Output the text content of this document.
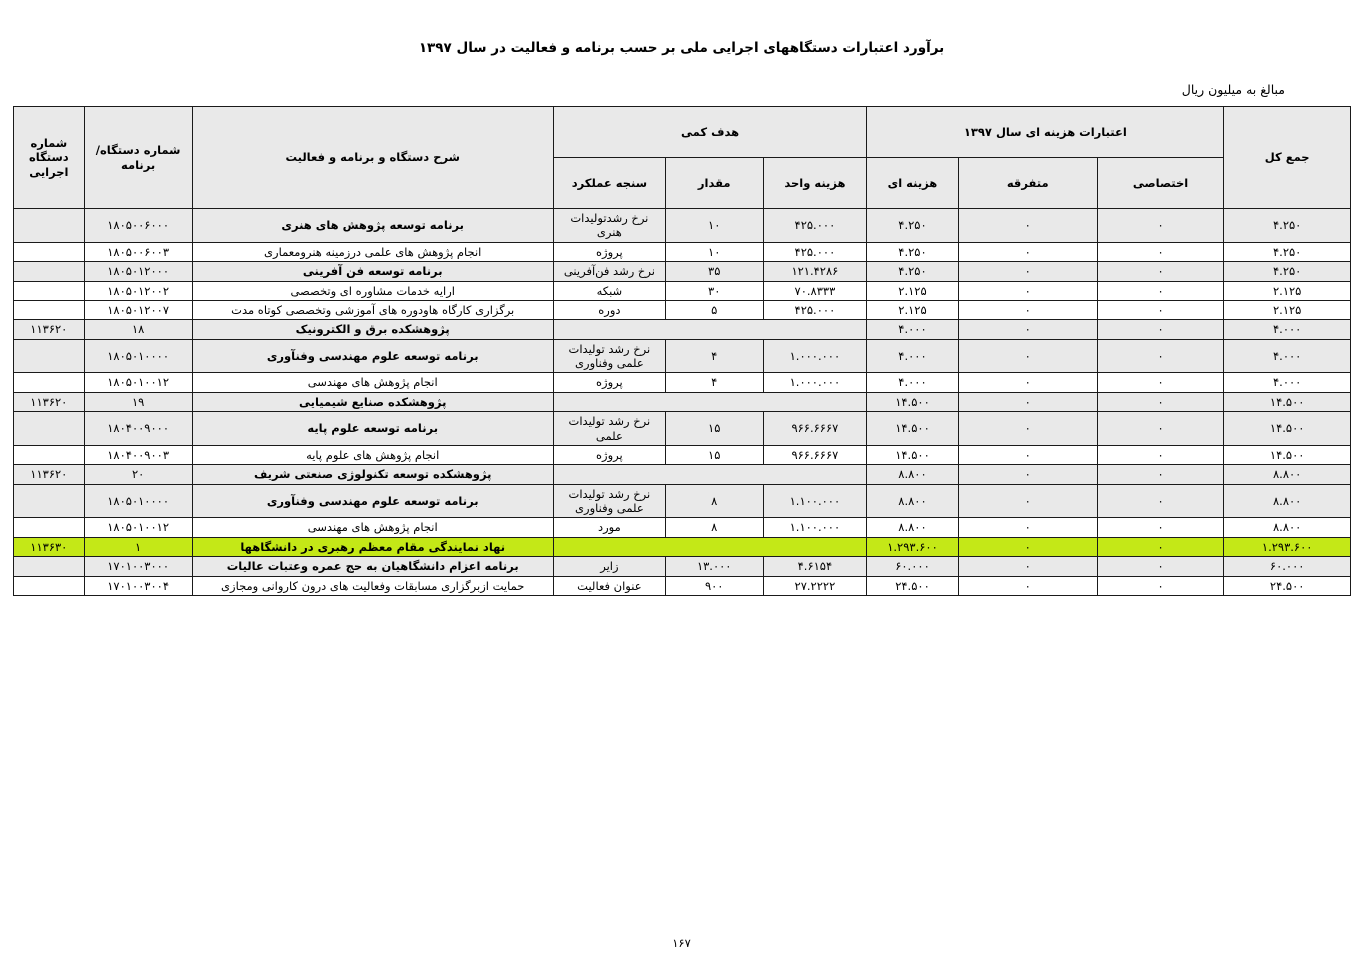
برآورد اعتبارات دستگاههای اجرایی ملی بر حسب برنامه و فعالیت در سال ۱۳۹۷
مبالغ به میلیون ریال
جمع کل	اعتبارات هزینه ای سال ۱۳۹۷			هدف کمی			شرح دستگاه و برنامه و فعالیت	شماره دستگاه/ برنامه	شماره دستگاه اجرایی
	اختصاصی	متفرقه	هزینه ای	هزینه واحد	مقدار	سنجه عملکرد			
۴.۲۵۰	۰	۰	۴.۲۵۰	۴۲۵.۰۰۰	۱۰	نرخ رشدتولیدات هنری	برنامه توسعه پژوهش های هنری	۱۸۰۵۰۰۶۰۰۰	
۴.۲۵۰	۰	۰	۴.۲۵۰	۴۲۵.۰۰۰	۱۰	پروژه	انجام پژوهش های علمی درزمینه هنرومعماری	۱۸۰۵۰۰۶۰۰۳	
۴.۲۵۰	۰	۰	۴.۲۵۰	۱۲۱.۴۲۸۶	۳۵	نرخ رشد فن‌آفرینی	برنامه توسعه فن آفرینی	۱۸۰۵۰۱۲۰۰۰	
۲.۱۲۵	۰	۰	۲.۱۲۵	۷۰.۸۳۳۳	۳۰	شبکه	ارایه خدمات مشاوره ای وتخصصی	۱۸۰۵۰۱۲۰۰۲	
۲.۱۲۵	۰	۰	۲.۱۲۵	۴۲۵.۰۰۰	۵	دوره	برگزاری کارگاه هاودوره های آموزشی وتخصصی کوتاه مدت	۱۸۰۵۰۱۲۰۰۷	
۴.۰۰۰	۰	۰	۴.۰۰۰				پژوهشکده برق و الکترونیک	۱۸	۱۱۳۶۲۰
۴.۰۰۰	۰	۰	۴.۰۰۰	۱.۰۰۰.۰۰۰	۴	نرخ رشد تولیدات علمی وفناوری	برنامه توسعه علوم مهندسی وفنآوری	۱۸۰۵۰۱۰۰۰۰	
۴.۰۰۰	۰	۰	۴.۰۰۰	۱.۰۰۰.۰۰۰	۴	پروژه	انجام پژوهش های مهندسی	۱۸۰۵۰۱۰۰۱۲	
۱۴.۵۰۰	۰	۰	۱۴.۵۰۰				پژوهشکده صنایع شیمیایی	۱۹	۱۱۳۶۲۰
۱۴.۵۰۰	۰	۰	۱۴.۵۰۰	۹۶۶.۶۶۶۷	۱۵	نرخ رشد تولیدات علمی	برنامه توسعه علوم پایه	۱۸۰۴۰۰۹۰۰۰	
۱۴.۵۰۰	۰	۰	۱۴.۵۰۰	۹۶۶.۶۶۶۷	۱۵	پروژه	انجام پژوهش های علوم پایه	۱۸۰۴۰۰۹۰۰۳	
۸.۸۰۰	۰	۰	۸.۸۰۰				پژوهشکده توسعه تکنولوژی صنعتی شریف	۲۰	۱۱۳۶۲۰
۸.۸۰۰	۰	۰	۸.۸۰۰	۱.۱۰۰.۰۰۰	۸	نرخ رشد تولیدات علمی وفناوری	برنامه توسعه علوم مهندسی وفنآوری	۱۸۰۵۰۱۰۰۰۰	
۸.۸۰۰	۰	۰	۸.۸۰۰	۱.۱۰۰.۰۰۰	۸	مورد	انجام پژوهش های مهندسی	۱۸۰۵۰۱۰۰۱۲	
۱.۲۹۳.۶۰۰	۰	۰	۱.۲۹۳.۶۰۰				نهاد نمایندگی مقام معظم رهبری در دانشگاهها	۱	۱۱۳۶۳۰
۶۰.۰۰۰	۰	۰	۶۰.۰۰۰	۴.۶۱۵۴	۱۳.۰۰۰	زایر	برنامه اعزام دانشگاهیان به حج عمره وعتبات عالیات	۱۷۰۱۰۰۳۰۰۰	
۲۴.۵۰۰	۰	۰	۲۴.۵۰۰	۲۷.۲۲۲۲	۹۰۰	عنوان فعالیت	حمایت ازبرگزاری مسابقات وفعالیت های درون کاروانی ومجازی	۱۷۰۱۰۰۳۰۰۴	
۱۶۷
